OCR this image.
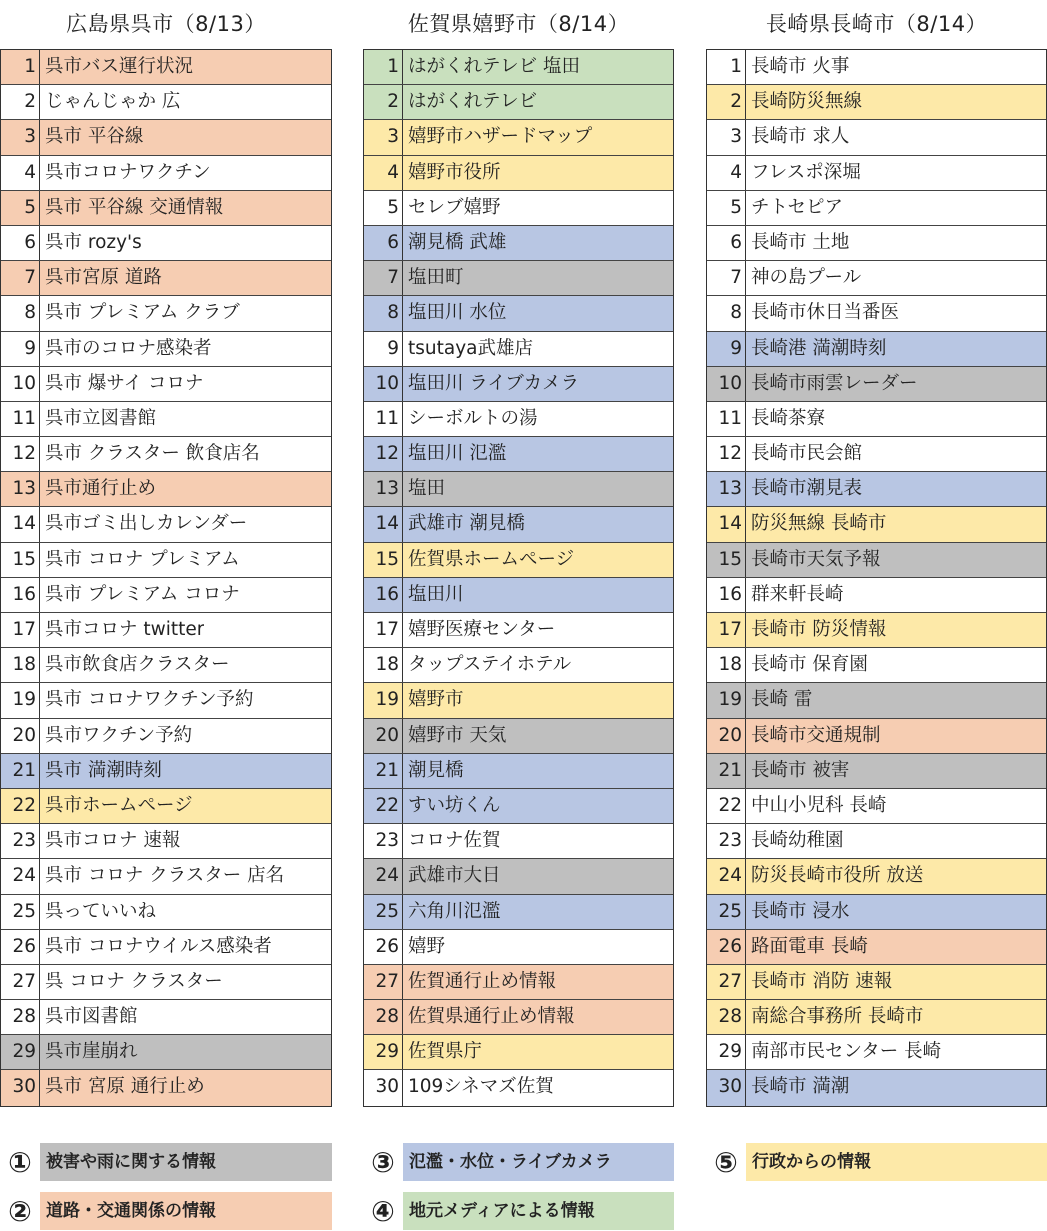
広島県呉市（8/13）
1 呉市バス運行状況
2 じゃんじゃか 広
3 呉市 平谷線
4 呉市コロナワクチン
5 呉市 平谷線 交通情報
6 呉市 rozy's
7 呉市宮原 道路
8 呉市 プレミアム クラブ
9 呉市のコロナ感染者
10 呉市 爆サイ コロナ
11 呉市立図書館
12 呉市 クラスター 飲食店名
13 呉市通行止め
14 呉市ゴミ出しカレンダー
15 呉市 コロナ プレミアム
16 呉市 プレミアム コロナ
17 呉市コロナ twitter
18 呉市飲食店クラスター
19 呉市 コロナワクチン予約
20 呉市ワクチン予約
21 呉市 満潮時刻
22 呉市ホームページ
23 呉市コロナ 速報
24 呉市 コロナ クラスター 店名
25 呉っていいね
26 呉市 コロナウイルス感染者
27 呉 コロナ クラスター
28 呉市図書館
29 呉市崖崩れ
30 呉市 宮原 通行止め
佐賀県嬉野市（8/14）
1 はがくれテレビ 塩田
2 はがくれテレビ
3 嬉野市ハザードマップ
4 嬉野市役所
5 セレブ嬉野
6 潮見橋 武雄
7 塩田町
8 塩田川 水位
9 tsutaya武雄店
10 塩田川 ライブカメラ
11 シーボルトの湯
12 塩田川 氾濫
13 塩田
14 武雄市 潮見橋
15 佐賀県ホームページ
16 塩田川
17 嬉野医療センター
18 タップステイホテル
19 嬉野市
20 嬉野市 天気
21 潮見橋
22 すい坊くん
23 コロナ佐賀
24 武雄市大日
25 六角川氾濫
26 嬉野
27 佐賀通行止め情報
28 佐賀県通行止め情報
29 佐賀県庁
30 109シネマズ佐賀
長崎県長崎市（8/14）
1 長崎市 火事
2 長崎防災無線
3 長崎市 求人
4 フレスポ深堀
5 チトセピア
6 長崎市 土地
7 神の島プール
8 長崎市休日当番医
9 長崎港 満潮時刻
10 長崎市雨雲レーダー
11 長崎茶寮
12 長崎市民会館
13 長崎市潮見表
14 防災無線 長崎市
15 長崎市天気予報
16 群来軒長崎
17 長崎市 防災情報
18 長崎市 保育園
19 長崎 雷
20 長崎市交通規制
21 長崎市 被害
22 中山小児科 長崎
23 長崎幼稚園
24 防災長崎市役所 放送
25 長崎市 浸水
26 路面電車 長崎
27 長崎市 消防 速報
28 南総合事務所 長崎市
29 南部市民センター 長崎
30 長崎市 満潮
① 被害や雨に関する情報
② 道路・交通関係の情報
③ 氾濫・水位・ライブカメラ
④ 地元メディアによる情報
⑤ 行政からの情報
